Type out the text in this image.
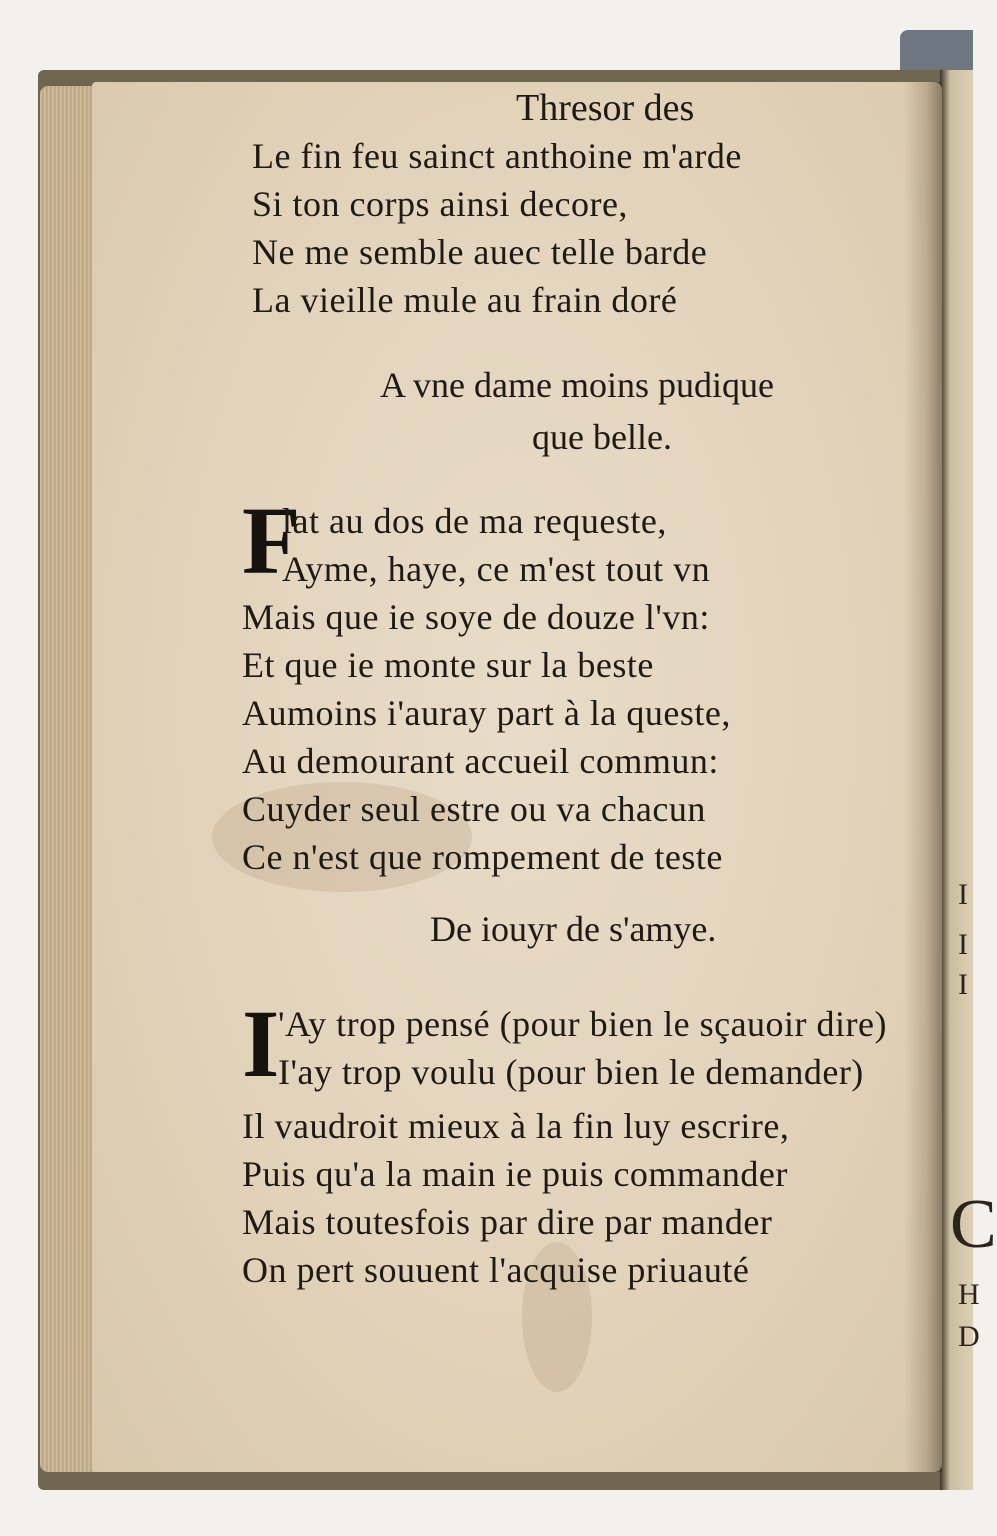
I
I
I
C
H
D
Thresor des
Le fin feu sainct anthoine m'arde
Si ton corps ainsi decore,
Ne me semble auec telle barde
La vieille mule au frain doré
A vne dame moins pudique
que belle.
F
lat au dos de ma requeste,
Ayme, haye, ce m'est tout vn
Mais que ie soye de douze l'vn:
Et que ie monte sur la beste
Aumoins i'auray part à la queste,
Au demourant accueil commun:
Cuyder seul estre ou va chacun
Ce n'est que rompement de teste
De iouyr de s'amye.
I
'Ay trop pensé (pour bien le sçauoir dire)
I'ay trop voulu (pour bien le demander)
Il vaudroit mieux à la fin luy escrire,
Puis qu'a la main ie puis commander
Mais toutesfois par dire par mander
On pert souuent l'acquise priuauté
